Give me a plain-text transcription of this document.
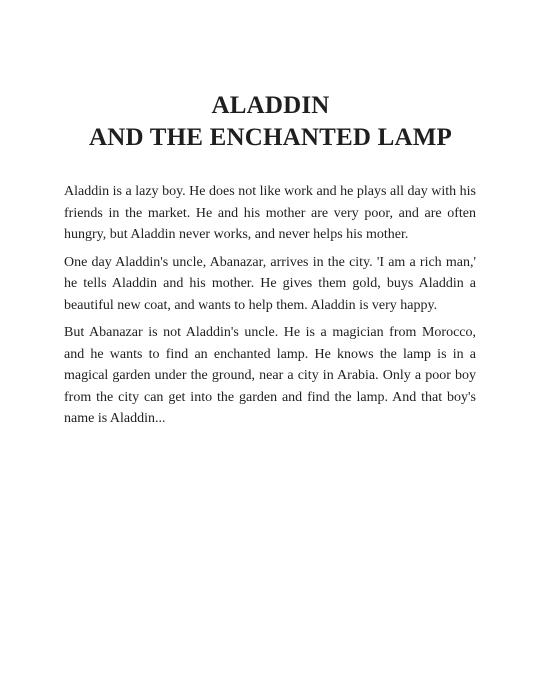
ALADDIN
AND THE ENCHANTED LAMP

Aladdin is a lazy boy. He does not like work and he plays all day with his friends in the market. He and his mother are very poor, and are often hungry, but Aladdin never works, and never helps his mother.

One day Aladdin's uncle, Abanazar, arrives in the city. 'I am a rich man,' he tells Aladdin and his mother. He gives them gold, buys Aladdin a beautiful new coat, and wants to help them. Aladdin is very happy.

But Abanazar is not Aladdin's uncle. He is a magician from Morocco, and he wants to find an enchanted lamp. He knows the lamp is in a magical garden under the ground, near a city in Arabia. Only a poor boy from the city can get into the garden and find the lamp. And that boy's name is Aladdin...
